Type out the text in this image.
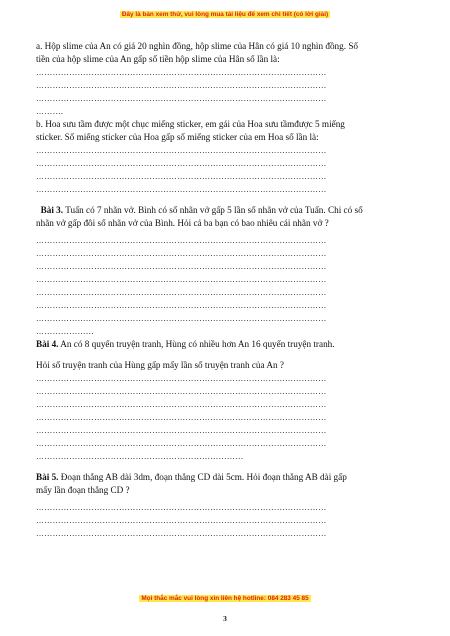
Đây là bản xem thử, vui lòng mua tài liệu để xem chi tiết (có lời giải)

a. Hộp slime của An có giá 20 nghìn đồng, hộp slime của Hân có giá 10 nghìn đồng. Số

tiền của hộp slime của An gấp số tiền hộp slime của Hân số lần là:

……………………………………………………………………………………………
……………………………………………………………………………………………
……………………………………………………………………………………………
……….

b. Hoa sưu tầm được một chục miếng sticker, em gái của Hoa sưu tầmđược 5 miếng

sticker. Số miếng sticker của Hoa gấp số miếng sticker của em Hoa số lần là:

……………………………………………………………………………………………
……………………………………………………………………………………………
……………………………………………………………………………………………
……………………………………………………………………………………………

Bài 3. Tuấn có 7 nhãn vở. Bình có số nhãn vở gấp 5 lần số nhãn vở của Tuấn. Chi có số

nhãn vở gấp đôi số nhãn vở của Bình. Hỏi cả ba bạn có bao nhiêu cái nhãn vở ?

……………………………………………………………………………………………
……………………………………………………………………………………………
……………………………………………………………………………………………
……………………………………………………………………………………………
……………………………………………………………………………………………
……………………………………………………………………………………………
……………………………………………………………………………………………
…………………

Bài 4. An có 8 quyển truyện tranh, Hùng có nhiều hơn An 16 quyển truyện tranh.

Hỏi số truyện tranh của Hùng gấp mấy lần số truyện tranh của An ?

……………………………………………………………………………………………
……………………………………………………………………………………………
……………………………………………………………………………………………
……………………………………………………………………………………………
……………………………………………………………………………………………
……………………………………………………………………………………………
…………………………………………………………………

Bài 5. Đoạn thẳng AB dài 3dm, đoạn thẳng CD dài 5cm. Hỏi đoạn thẳng AB dài gấp

mấy lần đoạn thẳng CD ?

……………………………………………………………………………………………
……………………………………………………………………………………………
……………………………………………………………………………………………
Mọi thắc mắc vui lòng xin liên hệ hotline: 084 283 45 85
3
